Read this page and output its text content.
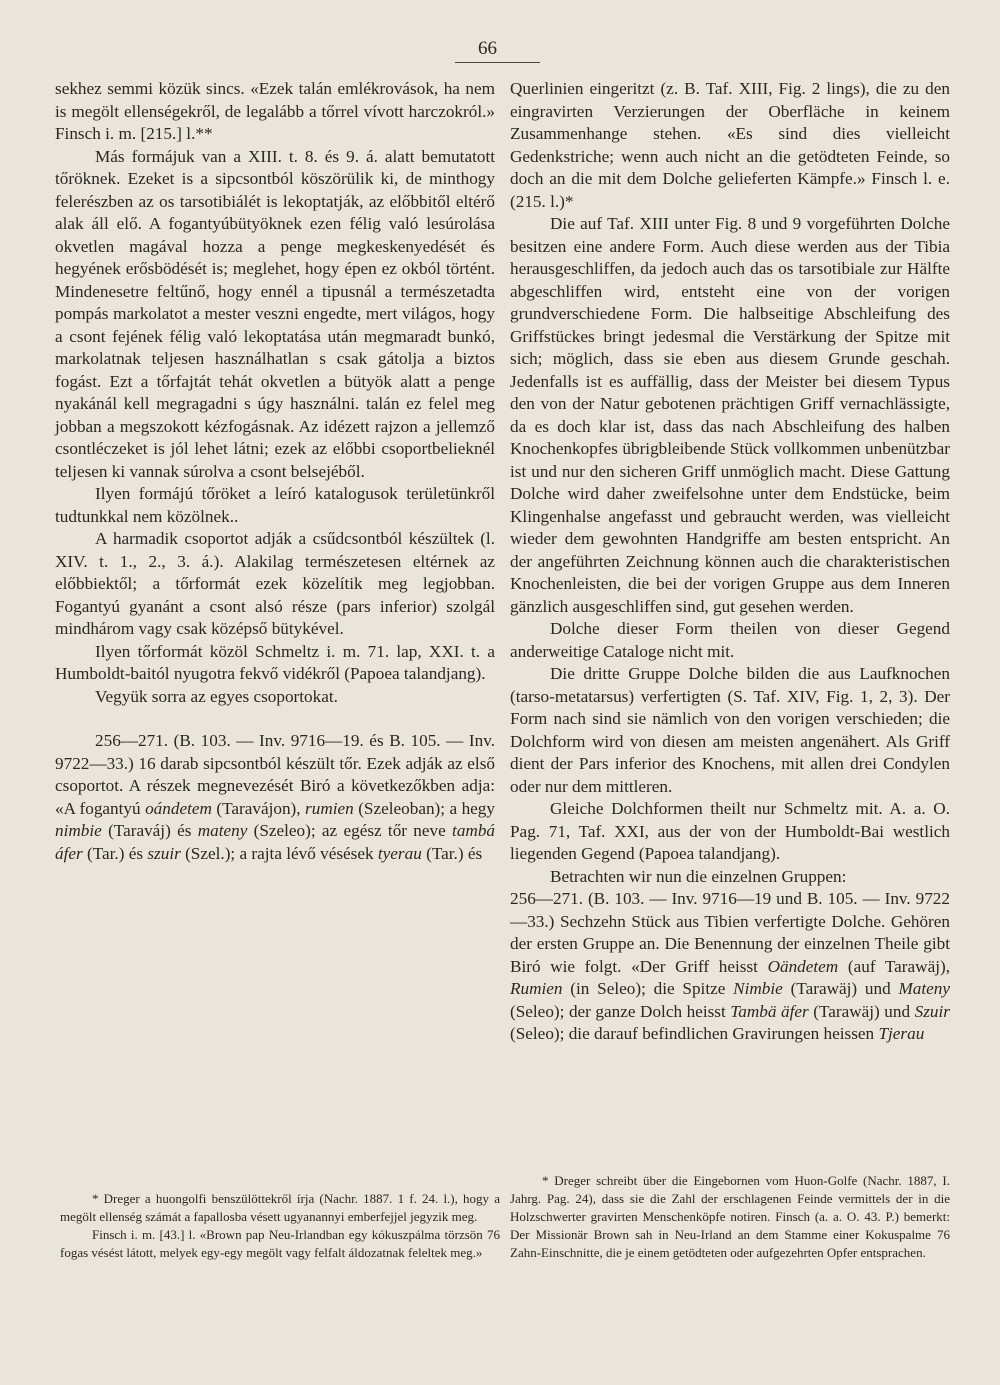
66

sekhez semmi közük sincs. «Ezek talán emlékrovások, ha nem is megölt ellenségekről, de legalább a tőrrel vívott harczokról.» Finsch i. m. [215.] l.**

Más formájuk van a XIII. t. 8. és 9. á. alatt bemutatott tőröknek. Ezeket is a sipcsontból köszörülik ki, de minthogy felerészben az os tarsotibiálét is lekoptatják, az előbbitől eltérő alak áll elő. A fogantyúbütyöknek ezen félig való lesúrolása okvetlen magával hozza a penge megkeskenyedését és hegyének erősbödését is; meglehet, hogy épen ez okból történt. Mindenesetre feltűnő, hogy ennél a tipusnál a természetadta pompás markolatot a mester veszni engedte, mert világos, hogy a csont fejének félig való lekoptatása után megmaradt bunkó, markolatnak teljesen használhatlan s csak gátolja a biztos fogást. Ezt a tőrfajtát tehát okvetlen a bütyök alatt a penge nyakánál kell megragadni s úgy használni. talán ez felel meg jobban a megszokott kézfogásnak. Az idézett rajzon a jellemző csontléczeket is jól lehet látni; ezek az előbbi csoportbelieknél teljesen ki vannak súrolva a csont belsejéből.

Ilyen formájú tőröket a leíró katalogusok területünkről tudtunkkal nem közölnek..

A harmadik csoportot adják a csűdcsontból készültek (l. XIV. t. 1., 2., 3. á.). Alakilag természetesen eltérnek az előbbiektől; a tőrformát ezek közelítik meg legjobban. Fogantyú gyanánt a csont alsó része (pars inferior) szolgál mindhárom vagy csak középső bütykével.

Ilyen tőrformát közöl Schmeltz i. m. 71. lap, XXI. t. a Humboldt-baitól nyugotra fekvő vidékről (Papoea talandjang).

Vegyük sorra az egyes csoportokat.

256—271. (B. 103. — Inv. 9716—19. és B. 105. — Inv. 9722—33.) 16 darab sipcsontból készült tőr. Ezek adják az első csoportot. A részek megnevezését Biró a következőkben adja: «A fogantyú oándetem (Taravájon), rumien (Szeleoban); a hegy nimbie (Taraváj) és mateny (Szeleo); az egész tőr neve tambá áfer (Tar.) és szuir (Szel.); a rajta lévő vésések tyerau (Tar.) és

Querlinien eingeritzt (z. B. Taf. XIII, Fig. 2 lings), die zu den eingravirten Verzierungen der Oberfläche in keinem Zusammenhange stehen. «Es sind dies vielleicht Gedenkstriche; wenn auch nicht an die getödteten Feinde, so doch an die mit dem Dolche gelieferten Kämpfe.» Finsch l. e. (215. l.)*

Die auf Taf. XIII unter Fig. 8 und 9 vorgeführten Dolche besitzen eine andere Form. Auch diese werden aus der Tibia herausgeschliffen, da jedoch auch das os tarsotibiale zur Hälfte abgeschliffen wird, entsteht eine von der vorigen grundverschiedene Form. Die halbseitige Abschleifung des Griffstückes bringt jedesmal die Verstärkung der Spitze mit sich; möglich, dass sie eben aus diesem Grunde geschah. Jedenfalls ist es auffällig, dass der Meister bei diesem Typus den von der Natur gebotenen prächtigen Griff vernachlässigte, da es doch klar ist, dass das nach Abschleifung des halben Knochenkopfes übrigbleibende Stück vollkommen unbenützbar ist und nur den sicheren Griff unmöglich macht. Diese Gattung Dolche wird daher zweifelsohne unter dem Endstücke, beim Klingenhalse angefasst und gebraucht werden, was vielleicht wieder dem gewohnten Handgriffe am besten entspricht. An der angeführten Zeichnung können auch die charakteristischen Knochenleisten, die bei der vorigen Gruppe aus dem Inneren gänzlich ausgeschliffen sind, gut gesehen werden.

Dolche dieser Form theilen von dieser Gegend anderweitige Cataloge nicht mit.

Die dritte Gruppe Dolche bilden die aus Laufknochen (tarso-metatarsus) verfertigten (S. Taf. XIV, Fig. 1, 2, 3). Der Form nach sind sie nämlich von den vorigen verschieden; die Dolchform wird von diesen am meisten angenähert. Als Griff dient der Pars inferior des Knochens, mit allen drei Condylen oder nur dem mittleren.

Gleiche Dolchformen theilt nur Schmeltz mit. A. a. O. Pag. 71, Taf. XXI, aus der von der Humboldt-Bai westlich liegenden Gegend (Papoea talandjang).

Betrachten wir nun die einzelnen Gruppen:

256—271. (B. 103. — Inv. 9716—19 und B. 105. — Inv. 9722—33.) Sechzehn Stück aus Tibien verfertigte Dolche. Gehören der ersten Gruppe an. Die Benennung der einzelnen Theile gibt Biró wie folgt. «Der Griff heisst Oändetem (auf Tarawäj), Rumien (in Seleo); die Spitze Nimbie (Tarawäj) und Mateny (Seleo); der ganze Dolch heisst Tambä äfer (Tarawäj) und Szuir (Seleo); die darauf befindlichen Gravirungen heissen Tjerau

* Dreger a huongolfi benszülöttekről írja (Nachr. 1887. 1 f. 24. l.), hogy a megölt ellenség számát a fapallosba vésett ugyanannyi emberfejjel jegyzik meg.

Finsch i. m. [43.] l. «Brown pap Neu-Irlandban egy kókuszpálma törzsön 76 fogas vésést látott, melyek egy-egy megölt vagy felfalt áldozatnak feleltek meg.»

* Dreger schreibt über die Eingebornen vom Huon-Golfe (Nachr. 1887, I. Jahrg. Pag. 24), dass sie die Zahl der erschlagenen Feinde vermittels der in die Holzschwerter gravirten Menschenköpfe notiren. Finsch (a. a. O. 43. P.) bemerkt: Der Missionär Brown sah in Neu-Irland an dem Stamme einer Kokuspalme 76 Zahn-Einschnitte, die je einem getödteten oder aufgezehrten Opfer entsprachen.
